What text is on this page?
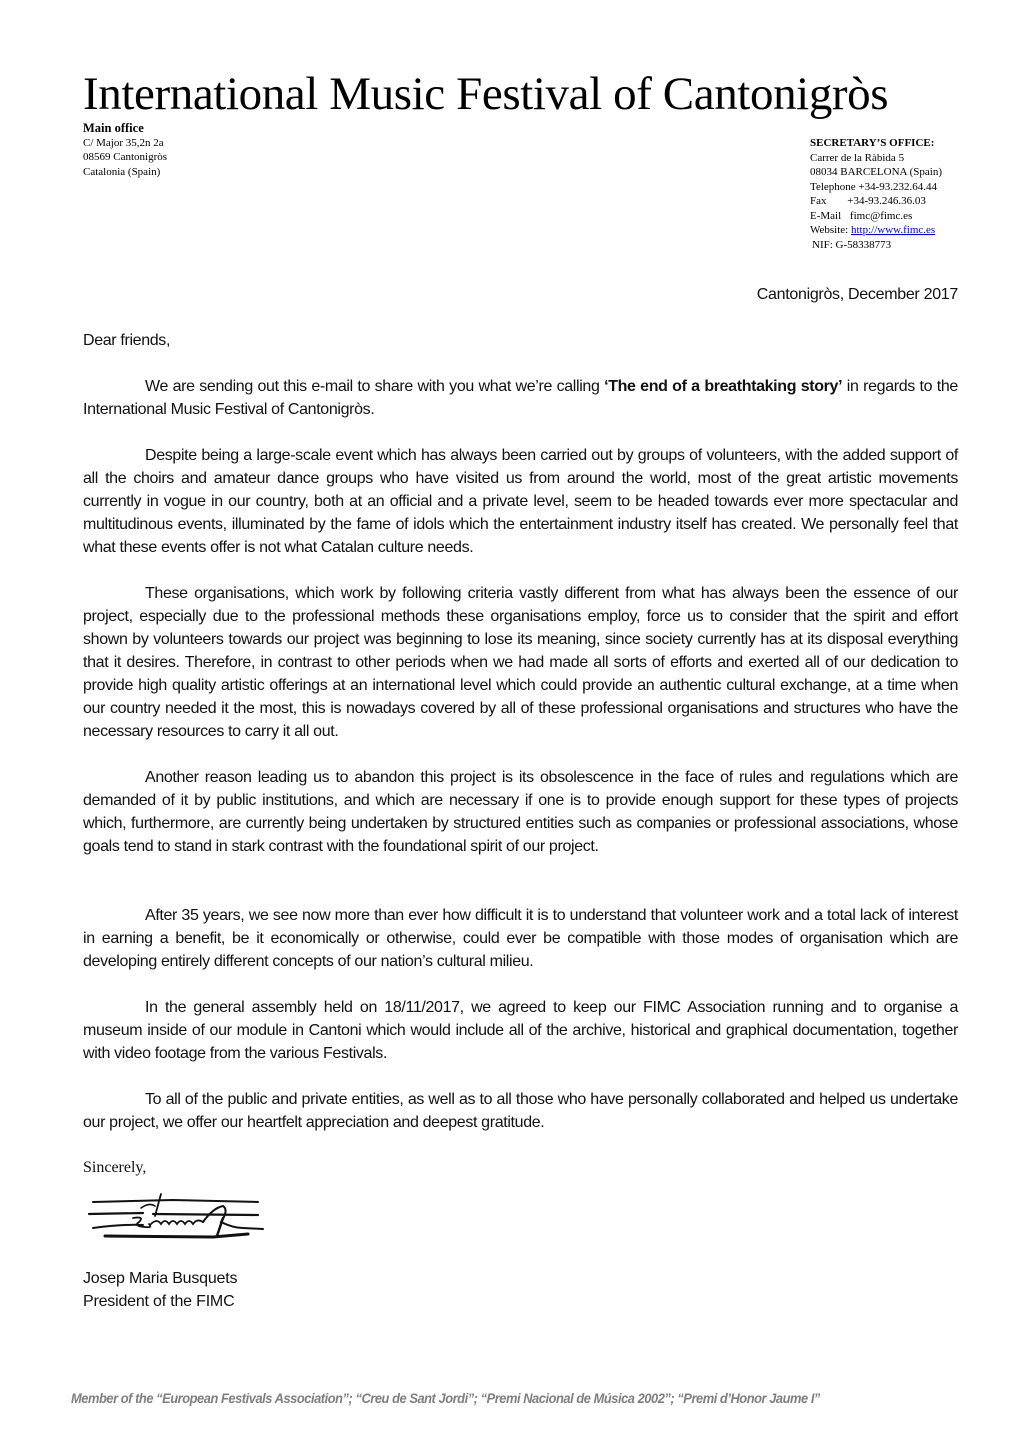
International Music Festival of Cantonigròs
Main office
C/ Major 35,2n 2a
08569 Cantonigròs
Catalonia (Spain)
SECRETARY’S OFFICE:
Carrer de la Ràbida 5
08034 BARCELONA (Spain)
Telephone +34-93.232.64.44
Fax +34-93.246.36.03
E-Mail fimc@fimc.es
Website: http://www.fimc.es
NIF: G-58338773
Cantonigròs, December 2017
Dear friends,
We are sending out this e-mail to share with you what we’re calling ‘The end of a breathtaking story’ in regards to the International Music Festival of Cantonigròs.
Despite being a large-scale event which has always been carried out by groups of volunteers, with the added support of all the choirs and amateur dance groups who have visited us from around the world, most of the great artistic movements currently in vogue in our country, both at an official and a private level, seem to be headed towards ever more spectacular and multitudinous events, illuminated by the fame of idols which the entertainment industry itself has created. We personally feel that what these events offer is not what Catalan culture needs.
These organisations, which work by following criteria vastly different from what has always been the essence of our project, especially due to the professional methods these organisations employ, force us to consider that the spirit and effort shown by volunteers towards our project was beginning to lose its meaning, since society currently has at its disposal everything that it desires. Therefore, in contrast to other periods when we had made all sorts of efforts and exerted all of our dedication to provide high quality artistic offerings at an international level which could provide an authentic cultural exchange, at a time when our country needed it the most, this is nowadays covered by all of these professional organisations and structures who have the necessary resources to carry it all out.
Another reason leading us to abandon this project is its obsolescence in the face of rules and regulations which are demanded of it by public institutions, and which are necessary if one is to provide enough support for these types of projects which, furthermore, are currently being undertaken by structured entities such as companies or professional associations, whose goals tend to stand in stark contrast with the foundational spirit of our project.
After 35 years, we see now more than ever how difficult it is to understand that volunteer work and a total lack of interest in earning a benefit, be it economically or otherwise, could ever be compatible with those modes of organisation which are developing entirely different concepts of our nation’s cultural milieu.
In the general assembly held on 18/11/2017, we agreed to keep our FIMC Association running and to organise a museum inside of our module in Cantoni which would include all of the archive, historical and graphical documentation, together with video footage from the various Festivals.
To all of the public and private entities, as well as to all those who have personally collaborated and helped us undertake our project, we offer our heartfelt appreciation and deepest gratitude.
Sincerely,
Josep Maria Busquets
President of the FIMC
Member of the “European Festivals Association”; “Creu de Sant Jordi”; “Premi Nacional de Música 2002”; “Premi d’Honor Jaume I”
